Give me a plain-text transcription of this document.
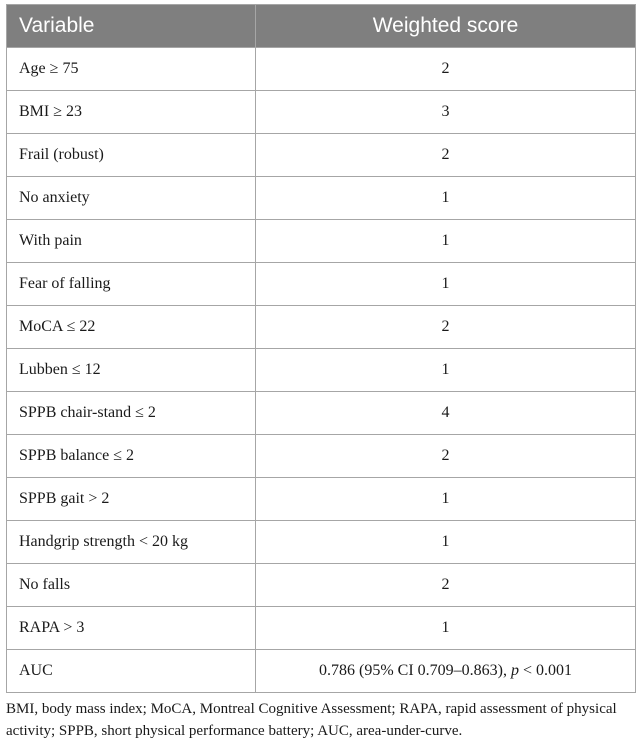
Variable	Weighted score
Age ≥ 75	2
BMI ≥ 23	3
Frail (robust)	2
No anxiety	1
With pain	1
Fear of falling	1
MoCA ≤ 22	2
Lubben ≤ 12	1
SPPB chair-stand ≤ 2	4
SPPB balance ≤ 2	2
SPPB gait > 2	1
Handgrip strength < 20 kg	1
No falls	2
RAPA > 3	1
AUC	0.786 (95% CI 0.709–0.863), p < 0.001
BMI, body mass index; MoCA, Montreal Cognitive Assessment; RAPA, rapid assessment of physical activity; SPPB, short physical performance battery; AUC, area-under-curve.
